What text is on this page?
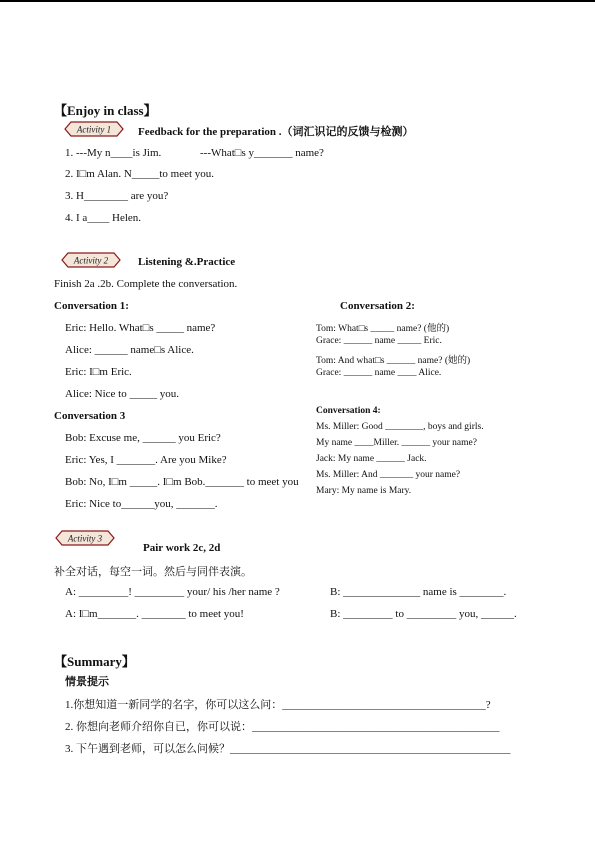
【Enjoy in class】
Activity 1 Feedback for the preparation .（词汇识记的反馈与检测）
1. ---My n____is Jim.	---What□s y_______ name?
2. I□m Alan. N_____to meet you.
3. H________ are you?
4. I a____ Helen.
Activity 2	Listening &.Practice
Finish 2a .2b. Complete the conversation.
Conversation 1:
Eric: Hello. What□s _____ name?
Alice: ______ name□s Alice.
Eric: I□m Eric.
Alice: Nice to _____ you.
Conversation 2:
Tom: What□s _____ name? (他的)
Grace: ______ name _____ Eric.
Tom: And what□s ______ name? (她的)
Grace: ______ name ____ Alice.
Conversation 3
Bob: Excuse me, ______ you Eric?
Eric: Yes, I _______. Are you Mike?
Bob: No, I□m _____. I□m Bob._______ to meet you
Eric: Nice to______you, _______.
Conversation 4:
Ms. Miller: Good ________, boys and girls.
My name ____Miller. ______ your name?
Jack: My name ______ Jack.
Ms. Miller: And _______ your name?
Mary: My name is Mary.
Activity 3
Pair work 2c, 2d
补全对话，每空一词。然后与同伴表演。
A: _________! _________ your/ his /her name ?	B: ______________ name is ________.
A: I□m_______. ________ to meet you!	B: _________ to _________ you, ______.
【Summary】
情景提示
1.你想知道一新同学的名字，你可以这么问：_____________________________________?
2. 你想向老师介绍你自已，你可以说：_____________________________________________
3. 下午遇到老师，可以怎么问候？___________________________________________________
